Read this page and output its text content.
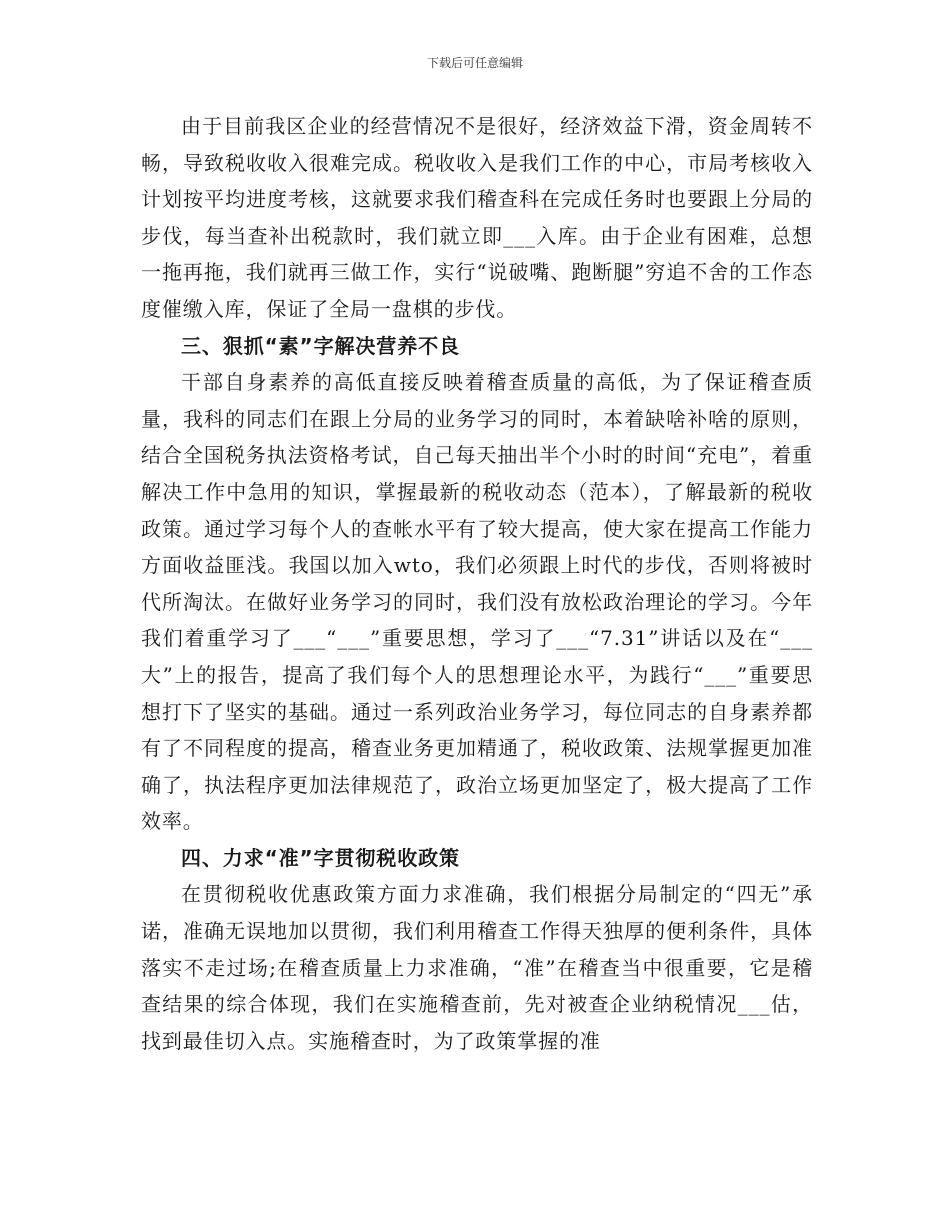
下载后可任意编辑

由于目前我区企业的经营情况不是很好，经济效益下滑，资金周转不畅，导致税收收入很难完成。税收收入是我们工作的中心，市局考核收入计划按平均进度考核，这就要求我们稽查科在完成任务时也要跟上分局的步伐，每当查补出税款时，我们就立即___入库。由于企业有困难，总想一拖再拖，我们就再三做工作，实行“说破嘴、跑断腿”穷追不舍的工作态度催缴入库，保证了全局一盘棋的步伐。

三、狠抓“素”字解决营养不良

干部自身素养的高低直接反映着稽查质量的高低，为了保证稽查质量，我科的同志们在跟上分局的业务学习的同时，本着缺啥补啥的原则，结合全国税务执法资格考试，自己每天抽出半个小时的时间“充电”，着重解决工作中急用的知识，掌握最新的税收动态（范本），了解最新的税收政策。通过学习每个人的查帐水平有了较大提高，使大家在提高工作能力方面收益匪浅。我国以加入wto，我们必须跟上时代的步伐，否则将被时代所淘汰。在做好业务学习的同时，我们没有放松政治理论的学习。今年我们着重学习了___“___”重要思想，学习了___“7.31”讲话以及在“___大”上的报告，提高了我们每个人的思想理论水平，为践行“___”重要思想打下了坚实的基础。通过一系列政治业务学习，每位同志的自身素养都有了不同程度的提高，稽查业务更加精通了，税收政策、法规掌握更加准确了，执法程序更加法律规范了，政治立场更加坚定了，极大提高了工作效率。

四、力求“准”字贯彻税收政策

在贯彻税收优惠政策方面力求准确，我们根据分局制定的“四无”承诺，准确无误地加以贯彻，我们利用稽查工作得天独厚的便利条件，具体落实不走过场;在稽查质量上力求准确，“准”在稽查当中很重要，它是稽查结果的综合体现，我们在实施稽查前，先对被查企业纳税情况___估，找到最佳切入点。实施稽查时，为了政策掌握的准
